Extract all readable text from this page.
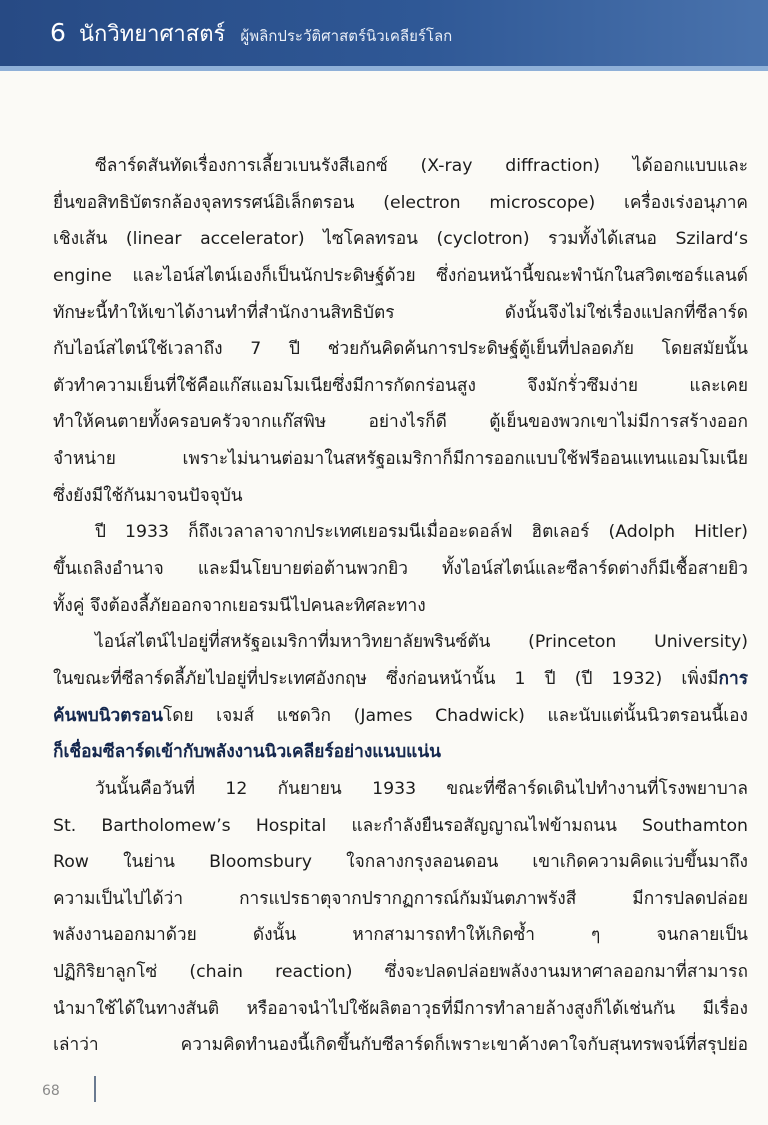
6 นักวิทยาศาสตร์ ผู้พลิกประวัติศาสตร์นิวเคลียร์โลก
ซีลาร์ดสันทัดเรื่องการเลี้ยวเบนรังสีเอกซ์ (X-ray diffraction) ได้ออกแบบและ
ยื่นขอสิทธิบัตรกล้องจุลทรรศน์อิเล็กตรอน (electron microscope) เครื่องเร่งอนุภาค
เชิงเส้น (linear accelerator) ไซโคลทรอน (cyclotron) รวมทั้งได้เสนอ Szilard‘s
engine และไอน์สไตน์เองก็เป็นนักประดิษฐ์ด้วย ซึ่งก่อนหน้านี้ขณะพำนักในสวิตเซอร์แลนด์
ทักษะนี้ทำให้เขาได้งานทำที่สำนักงานสิทธิบัตร ดังนั้นจึงไม่ใช่เรื่องแปลกที่ซีลาร์ด
กับไอน์สไตน์ใช้เวลาถึง 7 ปี ช่วยกันคิดค้นการประดิษฐ์ตู้เย็นที่ปลอดภัย โดยสมัยนั้น
ตัวทำความเย็นที่ใช้คือแก๊สแอมโมเนียซึ่งมีการกัดกร่อนสูง จึงมักรั่วซึมง่าย และเคย
ทำให้คนตายทั้งครอบครัวจากแก๊สพิษ อย่างไรก็ดี ตู้เย็นของพวกเขาไม่มีการสร้างออก
จำหน่าย เพราะไม่นานต่อมาในสหรัฐอเมริกาก็มีการออกแบบใช้ฟรีออนแทนแอมโมเนีย
ซึ่งยังมีใช้กันมาจนปัจจุบัน
ปี 1933 ก็ถึงเวลาลาจากประเทศเยอรมนีเมื่ออะดอล์ฟ ฮิตเลอร์ (Adolph Hitler)
ขึ้นเถลิงอำนาจ และมีนโยบายต่อต้านพวกยิว ทั้งไอน์สไตน์และซีลาร์ดต่างก็มีเชื้อสายยิว
ทั้งคู่ จึงต้องลี้ภัยออกจากเยอรมนีไปคนละทิศละทาง
ไอน์สไตน์ไปอยู่ที่สหรัฐอเมริกาที่มหาวิทยาลัยพรินซ์ตัน (Princeton University)
ในขณะที่ซีลาร์ดลี้ภัยไปอยู่ที่ประเทศอังกฤษ ซึ่งก่อนหน้านั้น 1 ปี (ปี 1932) เพิ่งมีการ
ค้นพบนิวตรอนโดย เจมส์ แชดวิก (James Chadwick) และนับแต่นั้นนิวตรอนนี้เอง
ก็เชื่อมซีลาร์ดเข้ากับพลังงานนิวเคลียร์อย่างแนบแน่น
วันนั้นคือวันที่ 12 กันยายน 1933 ขณะที่ซีลาร์ดเดินไปทำงานที่โรงพยาบาล
St. Bartholomew’s Hospital และกำลังยืนรอสัญญาณไฟข้ามถนน Southamton
Row ในย่าน Bloomsbury ใจกลางกรุงลอนดอน เขาเกิดความคิดแว่บขึ้นมาถึง
ความเป็นไปได้ว่า การแปรธาตุจากปรากฏการณ์กัมมันตภาพรังสี มีการปลดปล่อย
พลังงานออกมาด้วย ดังนั้น หากสามารถทำให้เกิดซ้ำ ๆ จนกลายเป็น
ปฏิกิริยาลูกโซ่ (chain reaction) ซึ่งจะปลดปล่อยพลังงานมหาศาลออกมาที่สามารถ
นำมาใช้ได้ในทางสันติ หรืออาจนำไปใช้ผลิตอาวุธที่มีการทำลายล้างสูงก็ได้เช่นกัน มีเรื่อง
เล่าว่า ความคิดทำนองนี้เกิดขึ้นกับซีลาร์ดก็เพราะเขาค้างคาใจกับสุนทรพจน์ที่สรุปย่อ
68
